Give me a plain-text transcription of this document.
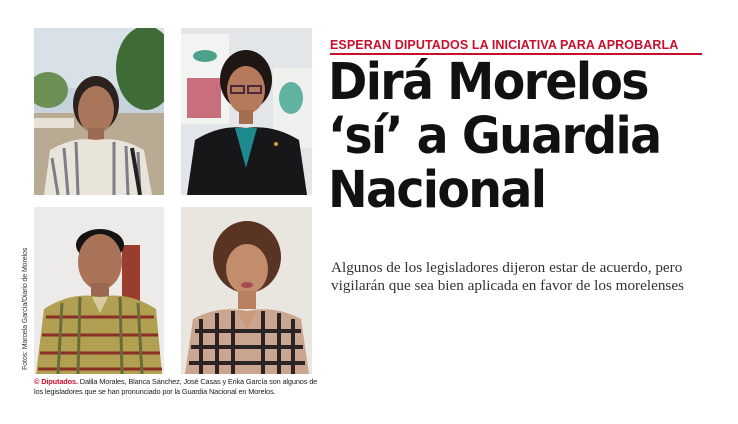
Fotos: Marcela García/Diario de Morelos
© Diputados. Dalila Morales, Blanca Sánchez, José Casas y Erika García son algunos de los legisladores que se han pronunciado por la Guardia Nacional en Morelos.
ESPERAN DIPUTADOS LA INICIATIVA PARA APROBARLA
Dirá Morelos
‘sí’ a Guardia
Nacional
Algunos de los legisladores dijeron estar de acuerdo, pero vigilarán que sea bien aplicada en favor de los morelenses
